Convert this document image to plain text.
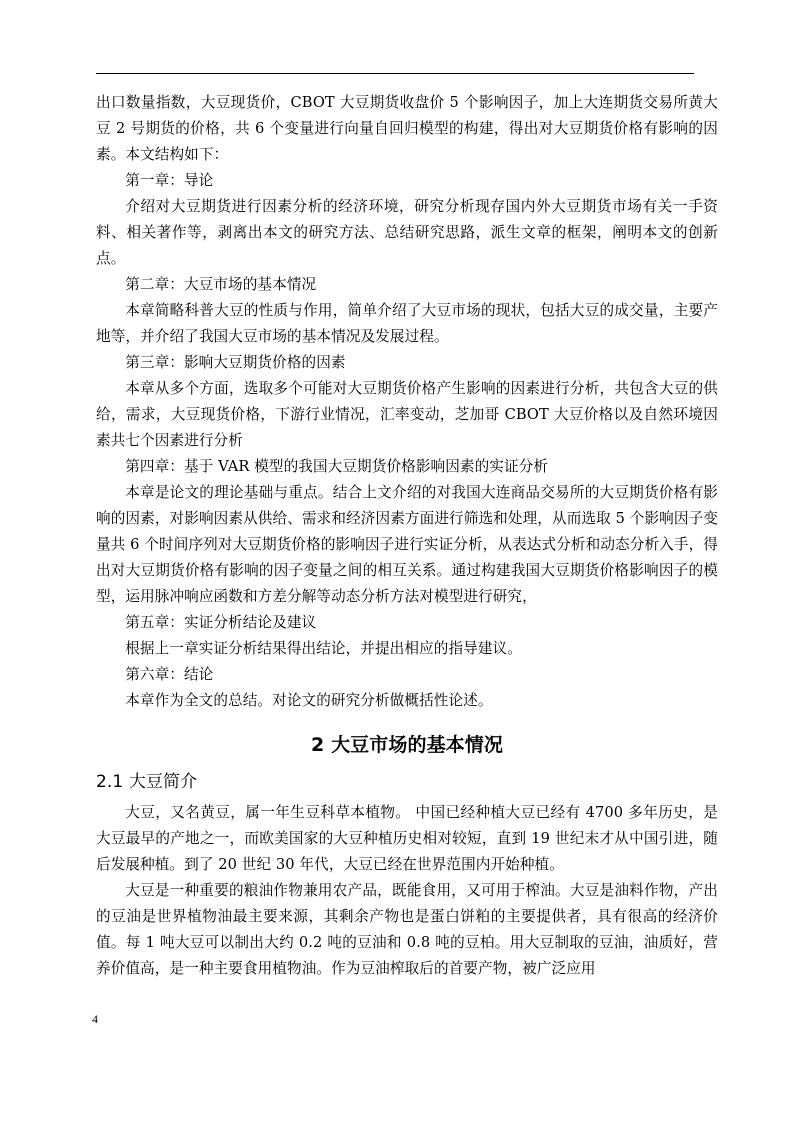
出口数量指数，大豆现货价，CBOT 大豆期货收盘价 5 个影响因子，加上大连期货交易所黄大豆 2 号期货的价格，共 6 个变量进行向量自回归模型的构建，得出对大豆期货价格有影响的因素。本文结构如下：

第一章：导论

介绍对大豆期货进行因素分析的经济环境，研究分析现存国内外大豆期货市场有关一手资料、相关著作等，剥离出本文的研究方法、总结研究思路，派生文章的框架，阐明本文的创新点。

第二章：大豆市场的基本情况

本章简略科普大豆的性质与作用，简单介绍了大豆市场的现状，包括大豆的成交量，主要产地等，并介绍了我国大豆市场的基本情况及发展过程。

第三章：影响大豆期货价格的因素

本章从多个方面，选取多个可能对大豆期货价格产生影响的因素进行分析，共包含大豆的供给，需求，大豆现货价格，下游行业情况，汇率变动，芝加哥 CBOT 大豆价格以及自然环境因素共七个因素进行分析

第四章：基于 VAR 模型的我国大豆期货价格影响因素的实证分析

本章是论文的理论基础与重点。结合上文介绍的对我国大连商品交易所的大豆期货价格有影响的因素，对影响因素从供给、需求和经济因素方面进行筛选和处理，从而选取 5 个影响因子变量共 6 个时间序列对大豆期货价格的影响因子进行实证分析，从表达式分析和动态分析入手，得出对大豆期货价格有影响的因子变量之间的相互关系。通过构建我国大豆期货价格影响因子的模型，运用脉冲响应函数和方差分解等动态分析方法对模型进行研究，

第五章：实证分析结论及建议

根据上一章实证分析结果得出结论，并提出相应的指导建议。

第六章：结论

本章作为全文的总结。对论文的研究分析做概括性论述。

2 大豆市场的基本情况
2.1 大豆简介

大豆，又名黄豆，属一年生豆科草本植物。 中国已经种植大豆已经有 4700 多年历史，是大豆最早的产地之一，而欧美国家的大豆种植历史相对较短，直到 19 世纪末才从中国引进，随后发展种植。到了 20 世纪 30 年代，大豆已经在世界范围内开始种植。

大豆是一种重要的粮油作物兼用农产品，既能食用，又可用于榨油。大豆是油料作物，产出的豆油是世界植物油最主要来源，其剩余产物也是蛋白饼粕的主要提供者，具有很高的经济价值。每 1 吨大豆可以制出大约 0.2 吨的豆油和 0.8 吨的豆柏。用大豆制取的豆油，油质好，营养价值高，是一种主要食用植物油。作为豆油榨取后的首要产物，被广泛应用

4
